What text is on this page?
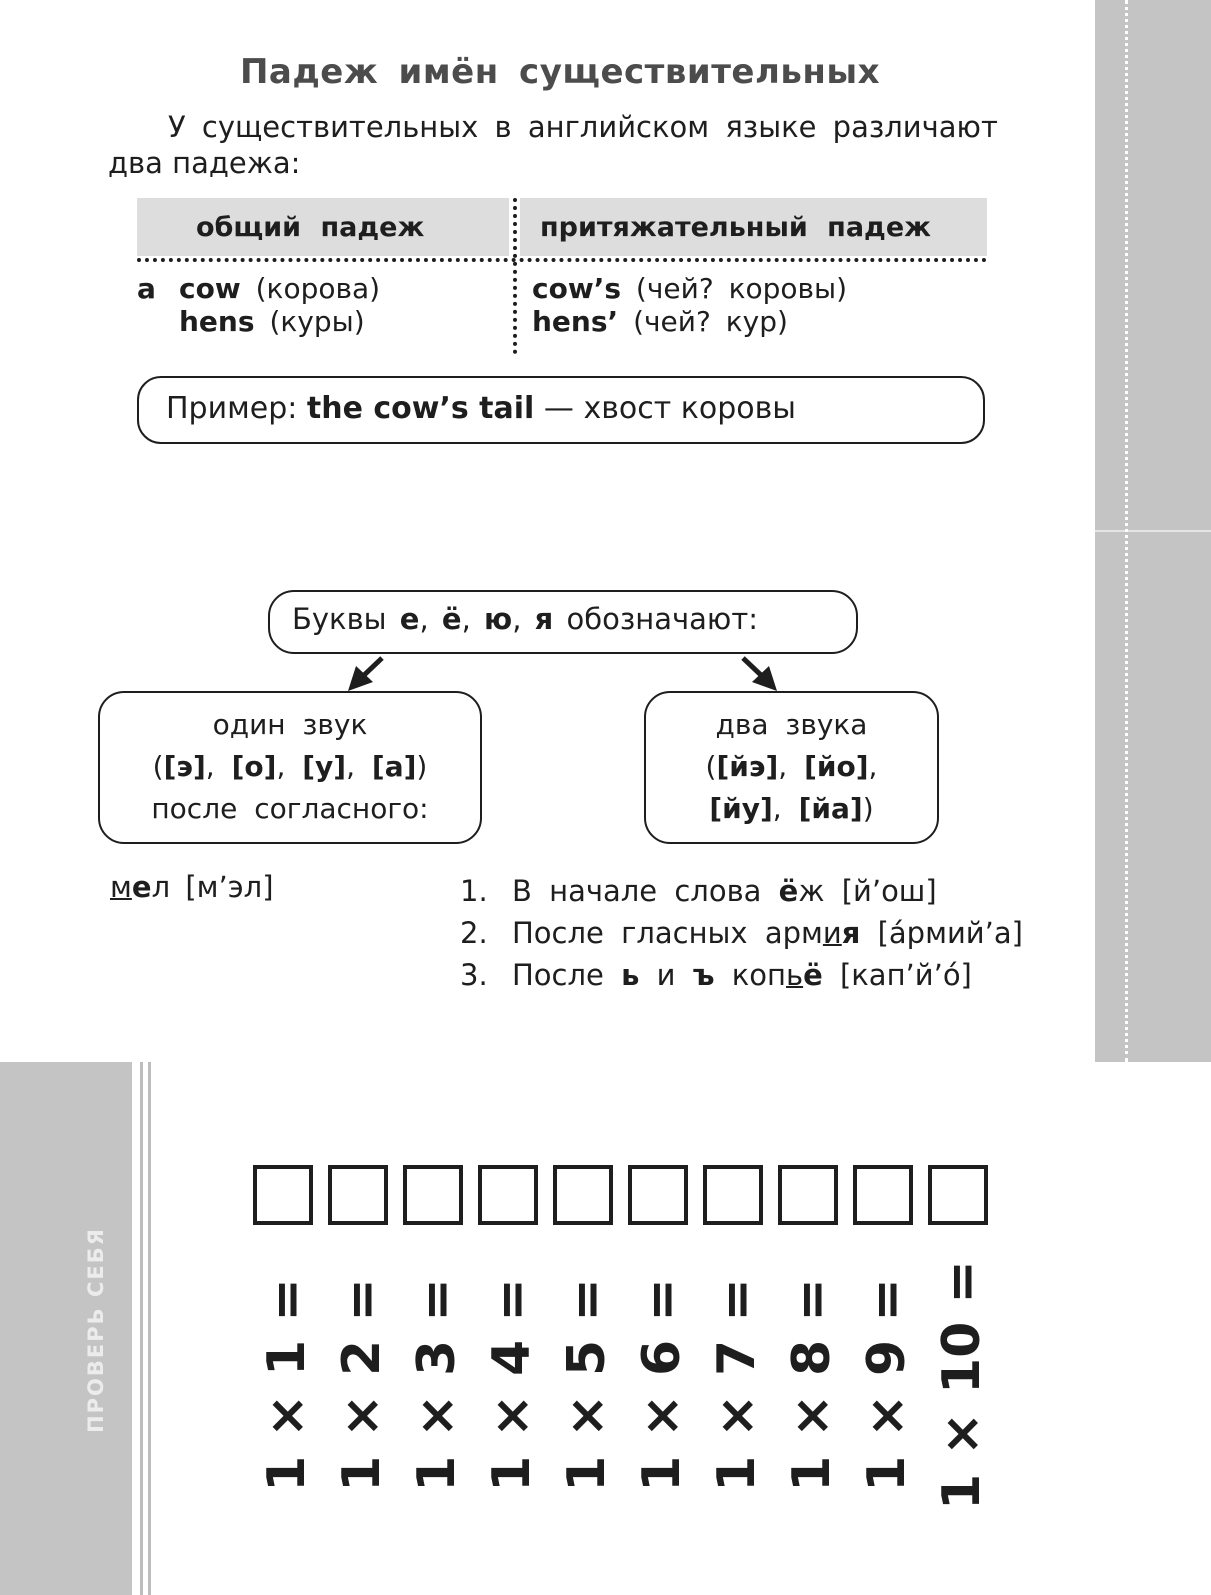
ПРОВЕРЬ СЕБЯ
Падеж имён существительных
У существительных в английском языке различают
два падежа:
общий падеж	притяжательный падеж
a cow (корова)
hens (куры)
cow’s (чей? коровы)
hens’ (чей? кур)
Пример: the cow’s tail — хвост коровы
Буквы е, ё, ю, я обозначают:
один звук
([э], [о], [у], [а])
после согласного:
два звука
([йэ], [йо],
[йу], [йа])
мел [м’эл]	1. В начале слова ёж [й’ош]
2. После гласных армия [áрмий’а]
3. После ь и ъ копьё [кап’й’ó]
1 × 1 = 1 × 2 = 1 × 3 = 1 × 4 = 1 × 5 = 1 × 6 = 1 × 7 = 1 × 8 = 1 × 9 = 1 × 10 =
